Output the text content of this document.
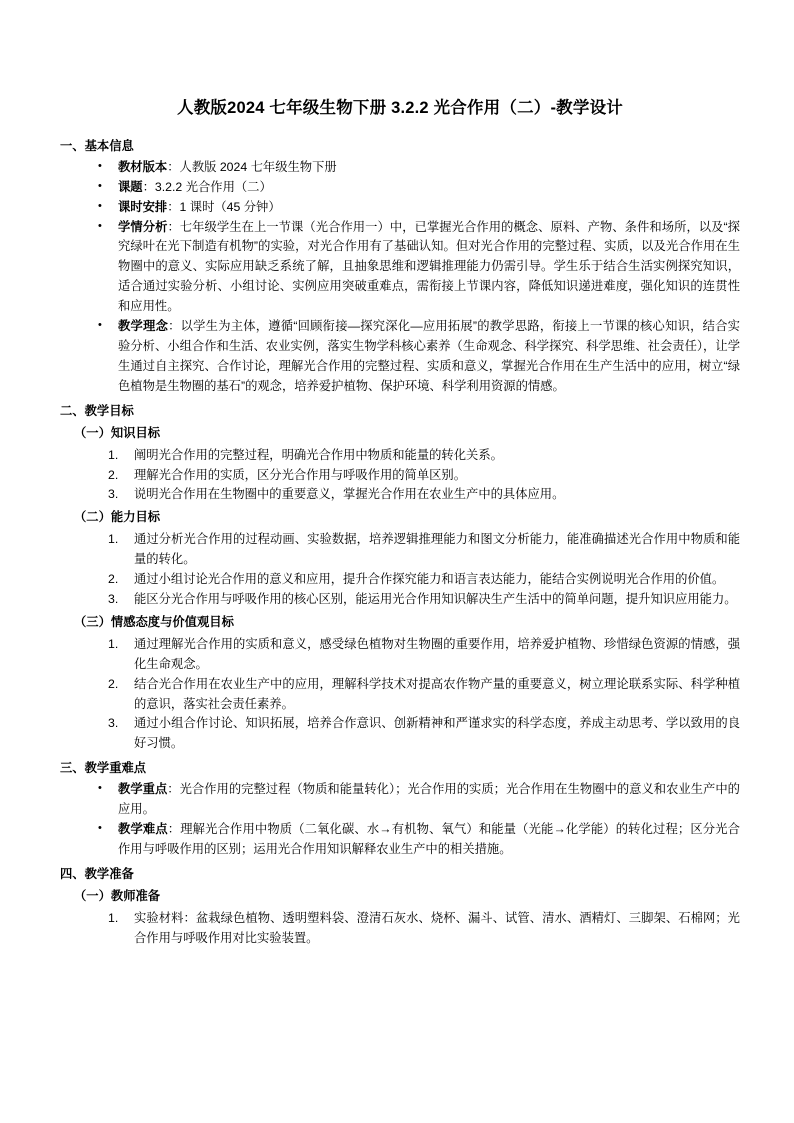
人教版2024 七年级生物下册 3.2.2 光合作用（二）-教学设计
一、基本信息
• 教材版本：人教版 2024 七年级生物下册
• 课题：3.2.2 光合作用（二）
• 课时安排：1 课时（45 分钟）
• 学情分析：七年级学生在上一节课（光合作用一）中，已掌握光合作用的概念、原料、产物、条件和场所，以及“探究绿叶在光下制造有机物”的实验，对光合作用有了基础认知。但对光合作用的完整过程、实质，以及光合作用在生物圈中的意义、实际应用缺乏系统了解，且抽象思维和逻辑推理能力仍需引导。学生乐于结合生活实例探究知识，适合通过实验分析、小组讨论、实例应用突破重难点，需衔接上节课内容，降低知识递进难度，强化知识的连贯性和应用性。
• 教学理念：以学生为主体，遵循“回顾衔接—探究深化—应用拓展”的教学思路，衔接上一节课的核心知识，结合实验分析、小组合作和生活、农业实例，落实生物学科核心素养（生命观念、科学探究、科学思维、社会责任），让学生通过自主探究、合作讨论，理解光合作用的完整过程、实质和意义，掌握光合作用在生产生活中的应用，树立“绿色植物是生物圈的基石”的观念，培养爱护植物、保护环境、科学利用资源的情感。
二、教学目标
（一）知识目标
阐明光合作用的完整过程，明确光合作用中物质和能量的转化关系。
理解光合作用的实质，区分光合作用与呼吸作用的简单区别。
说明光合作用在生物圈中的重要意义，掌握光合作用在农业生产中的具体应用。
（二）能力目标
通过分析光合作用的过程动画、实验数据，培养逻辑推理能力和图文分析能力，能准确描述光合作用中物质和能量的转化。
通过小组讨论光合作用的意义和应用，提升合作探究能力和语言表达能力，能结合实例说明光合作用的价值。
能区分光合作用与呼吸作用的核心区别，能运用光合作用知识解决生产生活中的简单问题，提升知识应用能力。
（三）情感态度与价值观目标
通过理解光合作用的实质和意义，感受绿色植物对生物圈的重要作用，培养爱护植物、珍惜绿色资源的情感，强化生命观念。
结合光合作用在农业生产中的应用，理解科学技术对提高农作物产量的重要意义，树立理论联系实际、科学种植的意识，落实社会责任素养。
通过小组合作讨论、知识拓展，培养合作意识、创新精神和严谨求实的科学态度，养成主动思考、学以致用的良好习惯。
三、教学重难点
• 教学重点：光合作用的完整过程（物质和能量转化）；光合作用的实质；光合作用在生物圈中的意义和农业生产中的应用。
• 教学难点：理解光合作用中物质（二氧化碳、水→有机物、氧气）和能量（光能→化学能）的转化过程；区分光合作用与呼吸作用的区别；运用光合作用知识解释农业生产中的相关措施。
四、教学准备
（一）教师准备
实验材料：盆栽绿色植物、透明塑料袋、澄清石灰水、烧杯、漏斗、试管、清水、酒精灯、三脚架、石棉网；光合作用与呼吸作用对比实验装置。
